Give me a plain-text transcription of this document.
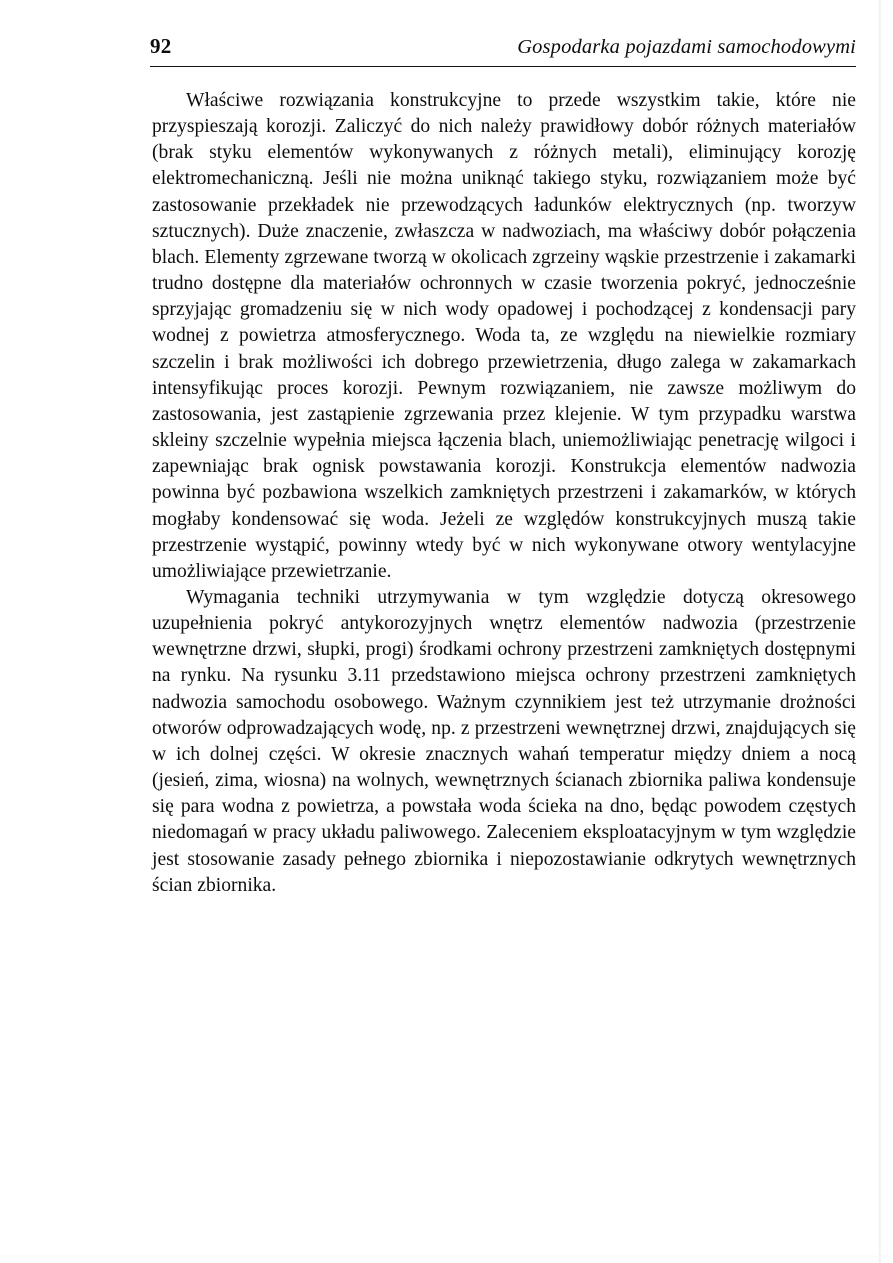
92	Gospodarka pojazdami samochodowymi

Właściwe rozwiązania konstrukcyjne to przede wszystkim takie, które nie przyspieszają korozji. Zaliczyć do nich należy prawidłowy dobór różnych materiałów (brak styku elementów wykonywanych z różnych metali), eliminujący korozję elektromechaniczną. Jeśli nie można uniknąć takiego styku, rozwiązaniem może być zastosowanie przekładek nie przewodzących ładunków elektrycznych (np. tworzyw sztucznych). Duże znaczenie, zwłaszcza w nadwoziach, ma właściwy dobór połączenia blach. Elementy zgrzewane tworzą w okolicach zgrzeiny wąskie przestrzenie i zakamarki trudno dostępne dla materiałów ochronnych w czasie tworzenia pokryć, jednocześnie sprzyjając gromadzeniu się w nich wody opadowej i pochodzącej z kondensacji pary wodnej z powietrza atmosferycznego. Woda ta, ze względu na niewielkie rozmiary szczelin i brak możliwości ich dobrego przewietrzenia, długo zalega w zakamarkach intensyfikując proces korozji. Pewnym rozwiązaniem, nie zawsze możliwym do zastosowania, jest zastąpienie zgrzewania przez klejenie. W tym przypadku warstwa skleiny szczelnie wypełnia miejsca łączenia blach, uniemożliwiając penetrację wilgoci i zapewniając brak ognisk powstawania korozji. Konstrukcja elementów nadwozia powinna być pozbawiona wszelkich zamkniętych przestrzeni i zakamarków, w których mogłaby kondensować się woda. Jeżeli ze względów konstrukcyjnych muszą takie przestrzenie wystąpić, powinny wtedy być w nich wykonywane otwory wentylacyjne umożliwiające przewietrzanie.

Wymagania techniki utrzymywania w tym względzie dotyczą okresowego uzupełnienia pokryć antykorozyjnych wnętrz elementów nadwozia (przestrzenie wewnętrzne drzwi, słupki, progi) środkami ochrony przestrzeni zamkniętych dostępnymi na rynku. Na rysunku 3.11 przedstawiono miejsca ochrony przestrzeni zamkniętych nadwozia samochodu osobowego. Ważnym czynnikiem jest też utrzymanie drożności otworów odprowadzających wodę, np. z przestrzeni wewnętrznej drzwi, znajdujących się w ich dolnej części. W okresie znacznych wahań temperatur między dniem a nocą (jesień, zima, wiosna) na wolnych, wewnętrznych ścianach zbiornika paliwa kondensuje się para wodna z powietrza, a powstała woda ścieka na dno, będąc powodem częstych niedomagań w pracy układu paliwowego. Zaleceniem eksploatacyjnym w tym względzie jest stosowanie zasady pełnego zbiornika i niepozostawianie odkrytych wewnętrznych ścian zbiornika.
